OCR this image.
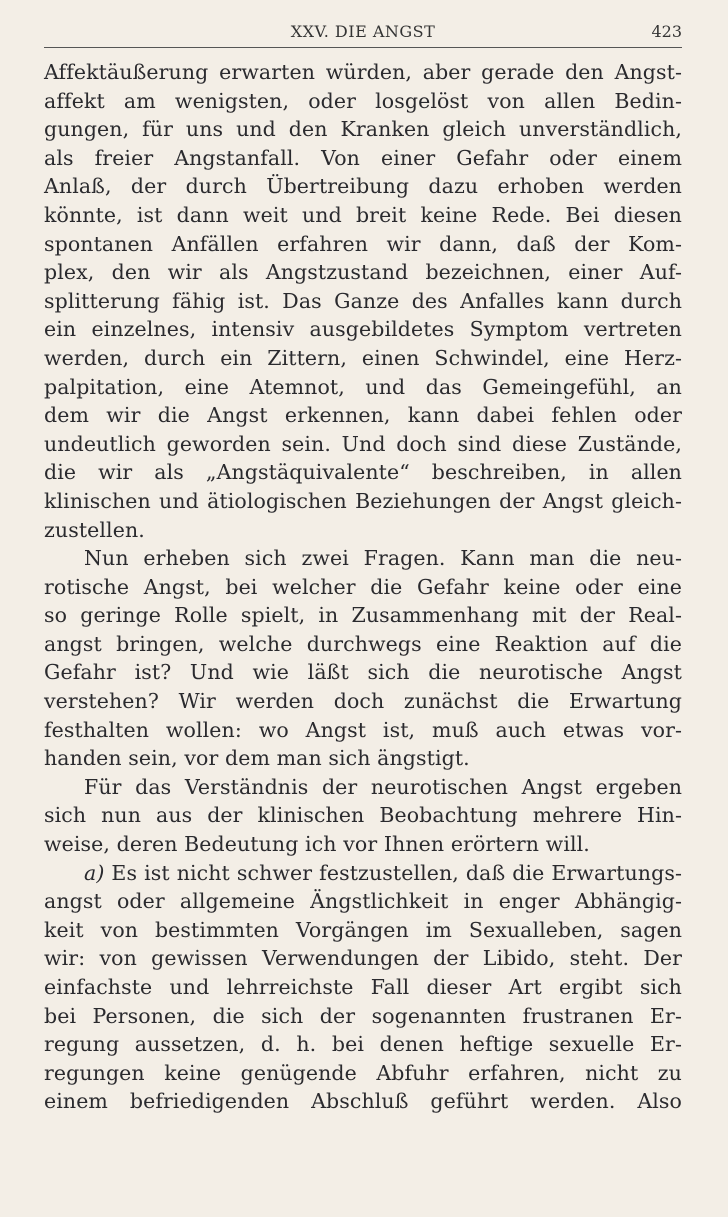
XXV. DIE ANGST	423
Affektäußerung erwarten würden, aber gerade den Angst-
affekt am wenigsten, oder losgelöst von allen Bedin-
gungen, für uns und den Kranken gleich unverständlich,
als freier Angstanfall. Von einer Gefahr oder einem
Anlaß, der durch Übertreibung dazu erhoben werden
könnte, ist dann weit und breit keine Rede. Bei diesen
spontanen Anfällen erfahren wir dann, daß der Kom-
plex, den wir als Angstzustand bezeichnen, einer Auf-
splitterung fähig ist. Das Ganze des Anfalles kann durch
ein einzelnes, intensiv ausgebildetes Symptom vertreten
werden, durch ein Zittern, einen Schwindel, eine Herz-
palpitation, eine Atemnot, und das Gemeingefühl, an
dem wir die Angst erkennen, kann dabei fehlen oder
undeutlich geworden sein. Und doch sind diese Zustände,
die wir als „Angstäquivalente“ beschreiben, in allen
klinischen und ätiologischen Beziehungen der Angst gleich-
zustellen.
Nun erheben sich zwei Fragen. Kann man die neu-
rotische Angst, bei welcher die Gefahr keine oder eine
so geringe Rolle spielt, in Zusammenhang mit der Real-
angst bringen, welche durchwegs eine Reaktion auf die
Gefahr ist? Und wie läßt sich die neurotische Angst
verstehen? Wir werden doch zunächst die Erwartung
festhalten wollen: wo Angst ist, muß auch etwas vor-
handen sein, vor dem man sich ängstigt.
Für das Verständnis der neurotischen Angst ergeben
sich nun aus der klinischen Beobachtung mehrere Hin-
weise, deren Bedeutung ich vor Ihnen erörtern will.
a) Es ist nicht schwer festzustellen, daß die Erwartungs-
angst oder allgemeine Ängstlichkeit in enger Abhängig-
keit von bestimmten Vorgängen im Sexualleben, sagen
wir: von gewissen Verwendungen der Libido, steht. Der
einfachste und lehrreichste Fall dieser Art ergibt sich
bei Personen, die sich der sogenannten frustranen Er-
regung aussetzen, d. h. bei denen heftige sexuelle Er-
regungen keine genügende Abfuhr erfahren, nicht zu
einem befriedigenden Abschluß geführt werden. Also
